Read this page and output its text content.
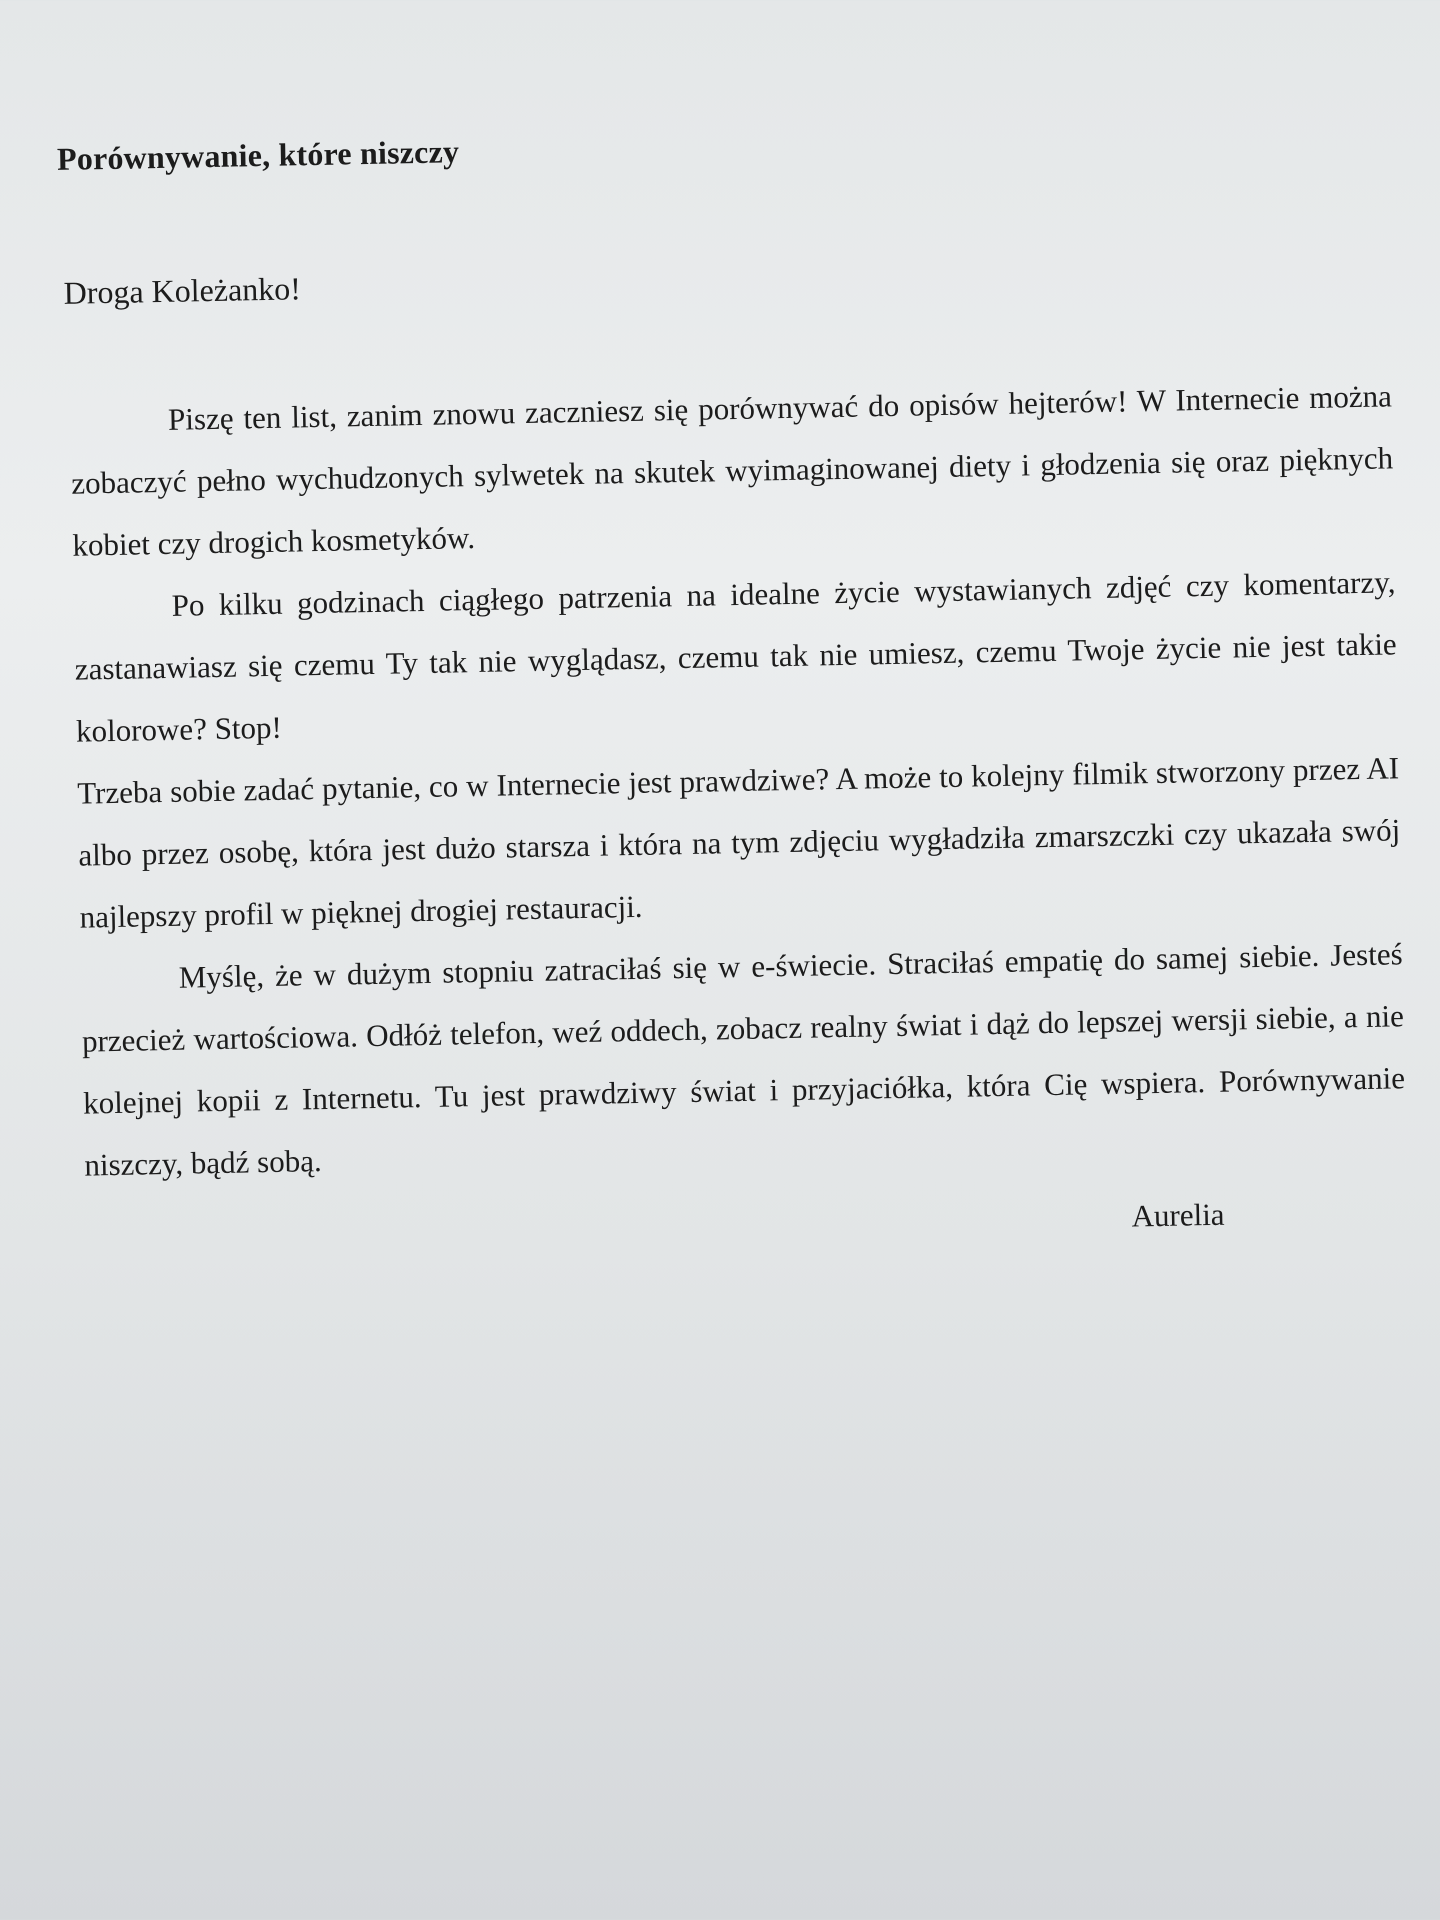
Porównywanie, które niszczy

Droga Koleżanko!

Piszę ten list, zanim znowu zaczniesz się porównywać do opisów hejterów! W Internecie można zobaczyć pełno wychudzonych sylwetek na skutek wyimaginowanej diety i głodzenia się oraz pięknych kobiet czy drogich kosmetyków.

Po kilku godzinach ciągłego patrzenia na idealne życie wystawianych zdjęć czy komentarzy, zastanawiasz się czemu Ty tak nie wyglądasz, czemu tak nie umiesz, czemu Twoje życie nie jest takie kolorowe? Stop!

Trzeba sobie zadać pytanie, co w Internecie jest prawdziwe? A może to kolejny filmik stworzony przez AI albo przez osobę, która jest dużo starsza i która na tym zdjęciu wygładziła zmarszczki czy ukazała swój najlepszy profil w pięknej drogiej restauracji.

Myślę, że w dużym stopniu zatraciłaś się w e-świecie. Straciłaś empatię do samej siebie. Jesteś przecież wartościowa. Odłóż telefon, weź oddech, zobacz realny świat i dąż do lepszej wersji siebie, a nie kolejnej kopii z Internetu. Tu jest prawdziwy świat i przyjaciółka, która Cię wspiera. Porównywanie niszczy, bądź sobą.

Aurelia
